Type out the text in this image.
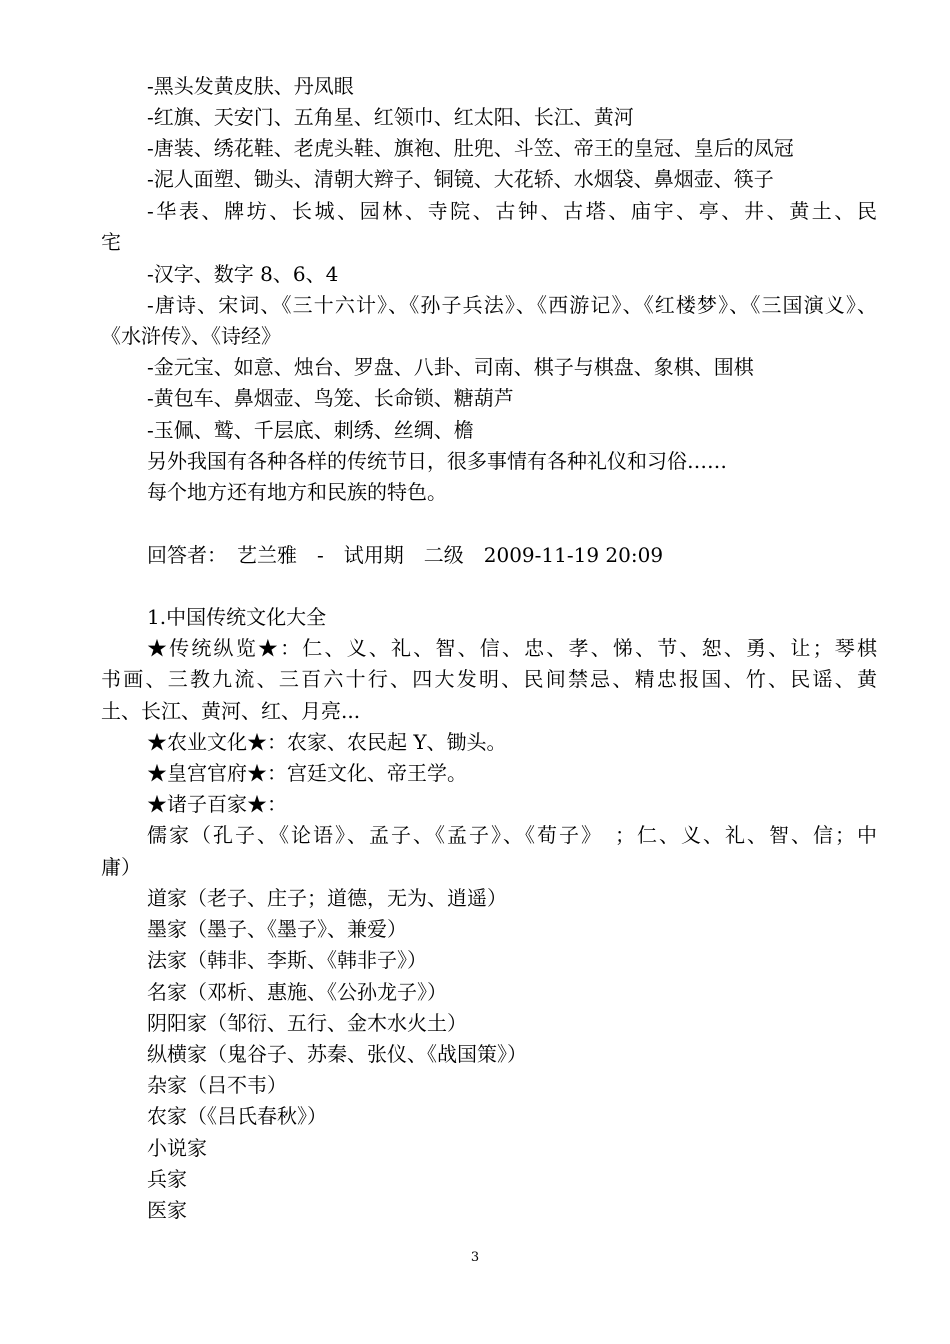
-黑头发黄皮肤、丹凤眼
-红旗、天安门、五角星、红领巾、红太阳、长江、黄河
-唐装、绣花鞋、老虎头鞋、旗袍、肚兜、斗笠、帝王的皇冠、皇后的凤冠
-泥人面塑、锄头、清朝大辫子、铜镜、大花轿、水烟袋、鼻烟壶、筷子
-华表、牌坊、长城、园林、寺院、古钟、古塔、庙宇、亭、井、黄土、民
宅
-汉字、数字 8、6、4
-唐诗、宋词、《三十六计》、《孙子兵法》、《西游记》、《红楼梦》、《三国演义》、
《水浒传》、《诗经》
-金元宝、如意、烛台、罗盘、八卦、司南、棋子与棋盘、象棋、围棋
-黄包车、鼻烟壶、鸟笼、长命锁、糖葫芦
-玉佩、鹫、千层底、刺绣、丝绸、檐
另外我国有各种各样的传统节日，很多事情有各种礼仪和习俗……
每个地方还有地方和民族的特色。
回答者：　艺兰雅　-　试用期　二级　2009-11-19 20:09
1.中国传统文化大全
★传统纵览★：仁、义、礼、智、信、忠、孝、悌、节、恕、勇、让；琴棋
书画、三教九流、三百六十行、四大发明、民间禁忌、精忠报国、竹、民谣、黄
土、长江、黄河、红、月亮...
★农业文化★：农家、农民起 Y、锄头。
★皇宫官府★：宫廷文化、帝王学。
★诸子百家★：
儒家（孔子、《论语》、孟子、《孟子》、《荀子》　；仁、义、礼、智、信；中
庸）
道家（老子、庄子；道德，无为、逍遥）
墨家（墨子、《墨子》、兼爱）
法家（韩非、李斯、《韩非子》）
名家（邓析、惠施、《公孙龙子》）
阴阳家（邹衍、五行、金木水火土）
纵横家（鬼谷子、苏秦、张仪、《战国策》）
杂家（吕不韦）
农家（《吕氏春秋》）
小说家
兵家
医家
3
